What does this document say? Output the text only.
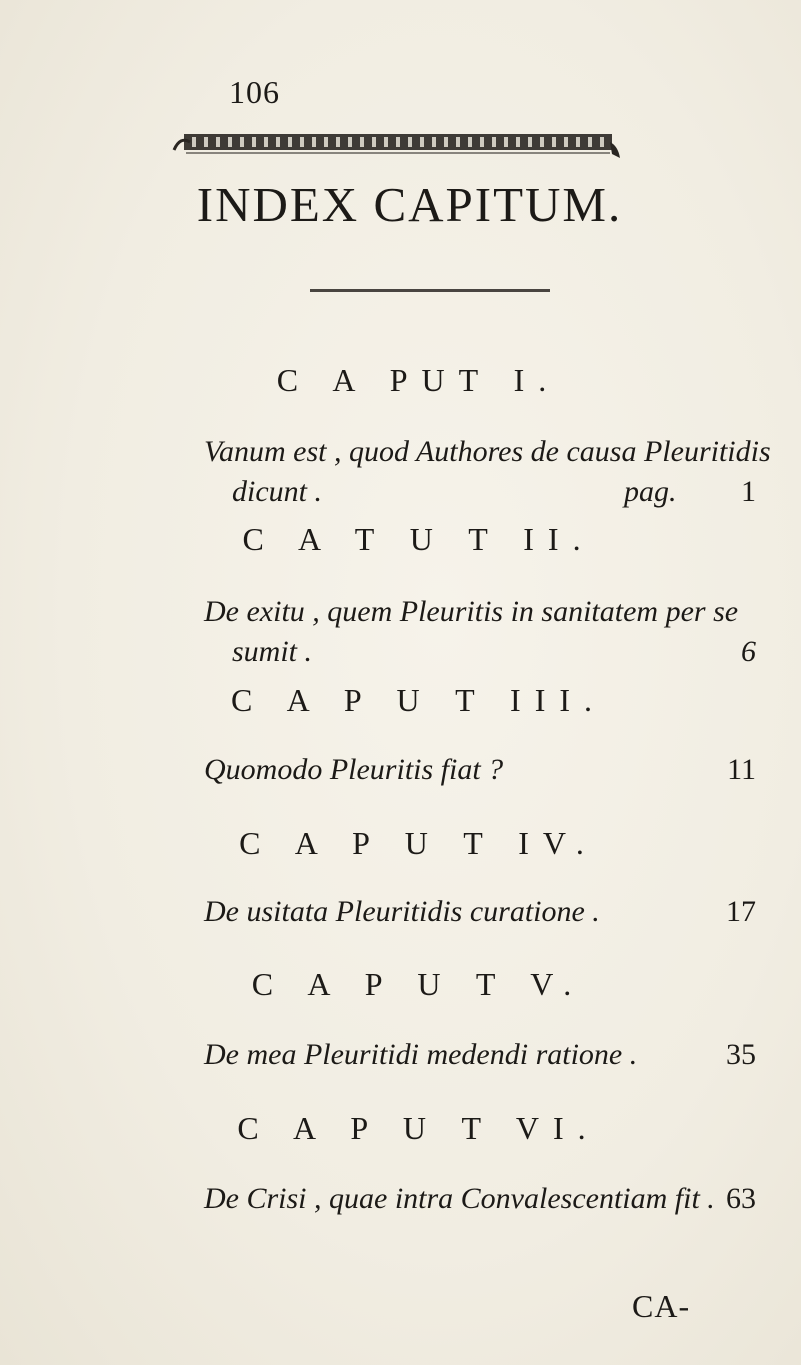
106
INDEX CAPITUM.
C A PUT I.
Vanum est , quod Authores de causa Pleuritidis
dicunt .	pag. 1
C A T U T II.
De exitu , quem Pleuritis in sanitatem per se
sumit .	6
C A P U T III.
Quomodo Pleuritis fiat ?	11
C A P U T IV.
De usitata Pleuritidis curatione .	17
C A P U T V.
De mea Pleuritidi medendi ratione .	35
C A P U T VI.
De Crisi , quae intra Convalescentiam fit . 63
CA-
